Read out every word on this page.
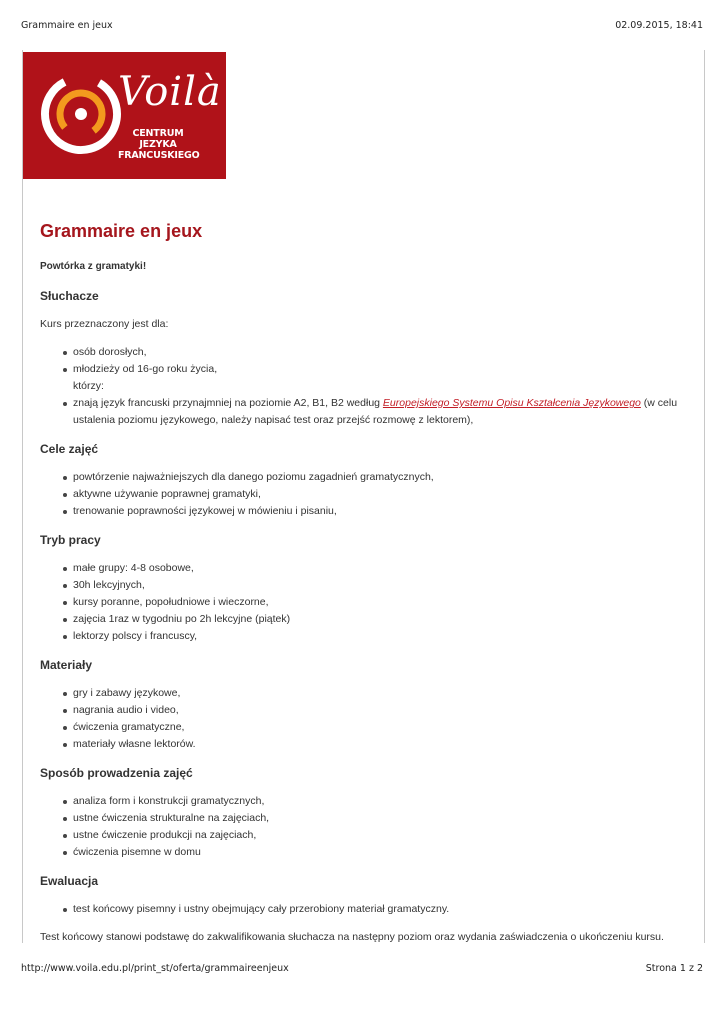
Grammaire en jeux	02.09.2015, 18:41
Voilà
CENTRUM JEZYKA
FRANCUSKIEGO
Grammaire en jeux
Powtórka z gramatyki!
Słuchacze

Kurs przeznaczony jest dla:

osób dorosłych,
młodzieży od 16-go roku życia,
którzy:
znają język francuski przynajmniej na poziomie A2, B1, B2 według Europejskiego Systemu Opisu Kształcenia Językowego (w celu ustalenia poziomu językowego, należy napisać test oraz przejść rozmowę z lektorem),
Cele zajęć
powtórzenie najważniejszych dla danego poziomu zagadnień gramatycznych,
aktywne używanie poprawnej gramatyki,
trenowanie poprawności językowej w mówieniu i pisaniu,
Tryb pracy
małe grupy: 4-8 osobowe,
30h lekcyjnych,
kursy poranne, popołudniowe i wieczorne,
zajęcia 1raz w tygodniu po 2h lekcyjne (piątek)
lektorzy polscy i francuscy,
Materiały
gry i zabawy językowe,
nagrania audio i video,
ćwiczenia gramatyczne,
materiały własne lektorów.
Sposób prowadzenia zajęć
analiza form i konstrukcji gramatycznych,
ustne ćwiczenia strukturalne na zajęciach,
ustne ćwiczenie produkcji na zajęciach,
ćwiczenia pisemne w domu
Ewaluacja
test końcowy pisemny i ustny obejmujący cały przerobiony materiał gramatyczny.

Test końcowy stanowi podstawę do zakwalifikowania słuchacza na następny poziom oraz wydania zaświadczenia o ukończeniu kursu.

http://www.voila.edu.pl/print_st/oferta/grammaireenjeux	Strona 1 z 2
